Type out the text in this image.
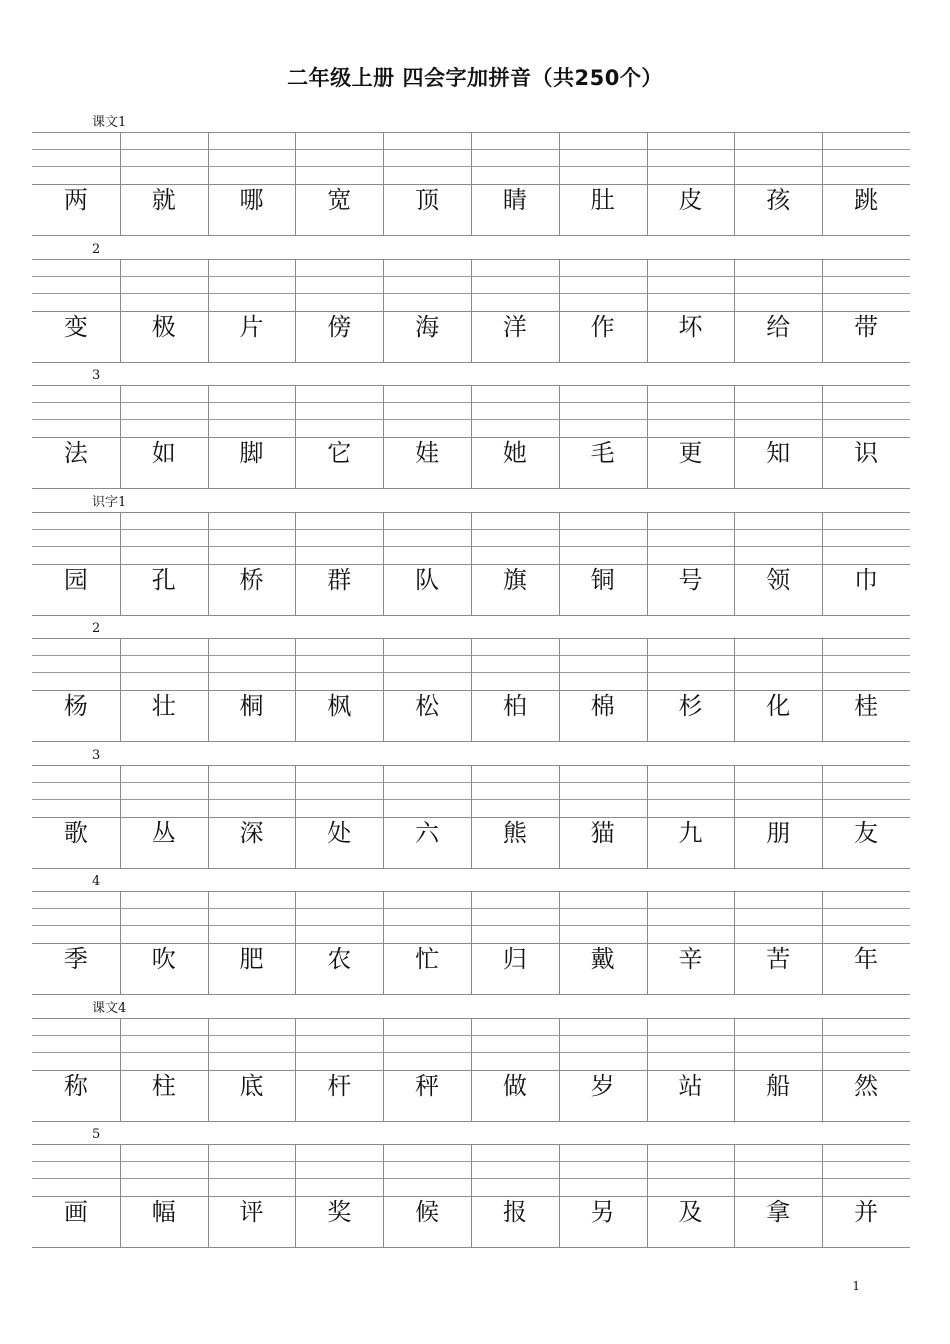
二年级上册 四会字加拼音（共250个）
课文1
两	就	哪	宽	顶	睛	肚	皮	孩	跳
2
变	极	片	傍	海	洋	作	坏	给	带
3
法	如	脚	它	娃	她	毛	更	知	识
识字1
园	孔	桥	群	队	旗	铜	号	领	巾
2
杨	壮	桐	枫	松	柏	棉	杉	化	桂
3
歌	丛	深	处	六	熊	猫	九	朋	友
4
季	吹	肥	农	忙	归	戴	辛	苦	年
课文4
称	柱	底	杆	秤	做	岁	站	船	然
5
画	幅	评	奖	候	报	另	及	拿	并
1
